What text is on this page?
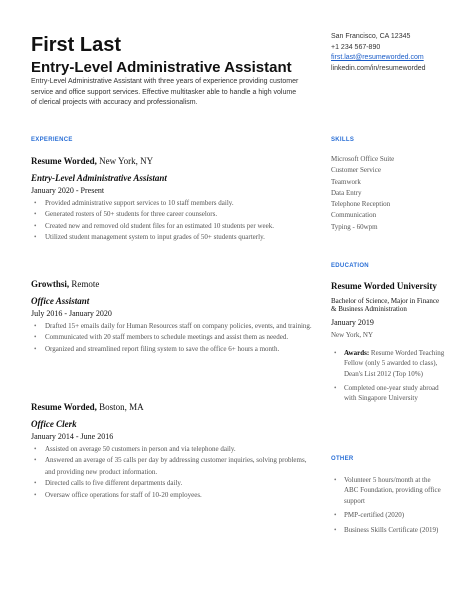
First Last
Entry-Level Administrative Assistant

Entry-Level Administrative Assistant with three years of experience providing customer service and office support services. Effective multitasker able to handle a high volume of clerical projects with accuracy and professionalism.

San Francisco, CA 12345
+1 234 567-890
first.last@resumeworded.com
linkedin.com/in/resumeworded
EXPERIENCE
Resume Worded, New York, NY
Entry-Level Administrative Assistant
January 2020 - Present
• Provided administrative support services to 10 staff members daily.
• Generated rosters of 50+ students for three career counselors.
• Created new and removed old student files for an estimated 10 students per week.
• Utilized student management system to input grades of 50+ students quarterly.
Growthsi, Remote
Office Assistant
July 2016 - January 2020
• Drafted 15+ emails daily for Human Resources staff on company policies, events, and training.
• Communicated with 20 staff members to schedule meetings and assist them as needed.
• Organized and streamlined report filing system to save the office 6+ hours a month.
Resume Worded, Boston, MA
Office Clerk
January 2014 - June 2016
• Assisted on average 50 customers in person and via telephone daily.
• Answered an average of 35 calls per day by addressing customer inquiries, solving problems, and providing new product information.
• Directed calls to five different departments daily.
• Oversaw office operations for staff of 10-20 employees.
SKILLS
Microsoft Office Suite
Customer Service
Teamwork
Data Entry
Telephone Reception
Communication
Typing - 60wpm
EDUCATION
Resume Worded University
Bachelor of Science, Major in Finance & Business Administration
January 2019
New York, NY
• Awards: Resume Worded Teaching Fellow (only 5 awarded to class), Dean's List 2012 (Top 10%)
• Completed one-year study abroad with Singapore University
OTHER
• Volunteer 5 hours/month at the ABC Foundation, providing office support
• PMP-certified (2020)
• Business Skills Certificate (2019)
